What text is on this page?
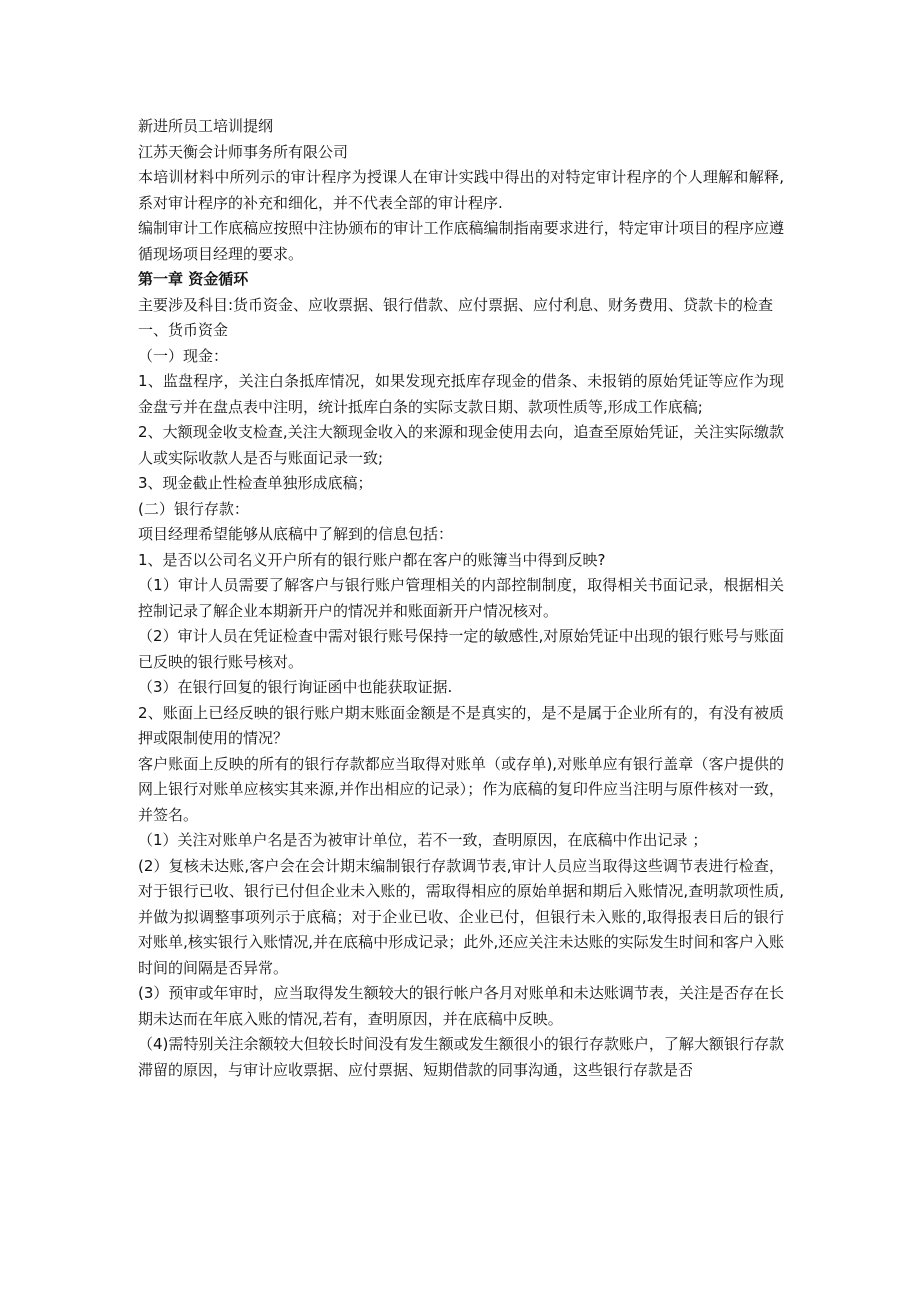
新进所员工培训提纲

江苏天衡会计师事务所有限公司

本培训材料中所列示的审计程序为授课人在审计实践中得出的对特定审计程序的个人理解和解释,系对审计程序的补充和细化，并不代表全部的审计程序.

编制审计工作底稿应按照中注协颁布的审计工作底稿编制指南要求进行，特定审计项目的程序应遵循现场项目经理的要求。

第一章 资金循环

主要涉及科目:货币资金、应收票据、银行借款、应付票据、应付利息、财务费用、贷款卡的检查

一、货币资金

（一）现金：

1、监盘程序，关注白条抵库情况，如果发现充抵库存现金的借条、未报销的原始凭证等应作为现金盘亏并在盘点表中注明，统计抵库白条的实际支款日期、款项性质等,形成工作底稿;

2、大额现金收支检查,关注大额现金收入的来源和现金使用去向，追查至原始凭证，关注实际缴款人或实际收款人是否与账面记录一致;

3、现金截止性检查单独形成底稿；

(二）银行存款：

项目经理希望能够从底稿中了解到的信息包括：

1、是否以公司名义开户所有的银行账户都在客户的账簿当中得到反映?

（1）审计人员需要了解客户与银行账户管理相关的内部控制制度，取得相关书面记录，根据相关控制记录了解企业本期新开户的情况并和账面新开户情况核对。

（2）审计人员在凭证检查中需对银行账号保持一定的敏感性,对原始凭证中出现的银行账号与账面已反映的银行账号核对。

（3）在银行回复的银行询证函中也能获取证据.

2、账面上已经反映的银行账户期末账面金额是不是真实的，是不是属于企业所有的，有没有被质押或限制使用的情况？

客户账面上反映的所有的银行存款都应当取得对账单（或存单),对账单应有银行盖章（客户提供的网上银行对账单应核实其来源,并作出相应的记录）；作为底稿的复印件应当注明与原件核对一致，并签名。

（1）关注对账单户名是否为被审计单位，若不一致，查明原因，在底稿中作出记录 ；

(2）复核未达账,客户会在会计期末编制银行存款调节表,审计人员应当取得这些调节表进行检查，对于银行已收、银行已付但企业未入账的，需取得相应的原始单据和期后入账情况,查明款项性质,并做为拟调整事项列示于底稿；对于企业已收、企业已付，但银行未入账的,取得报表日后的银行对账单,核实银行入账情况,并在底稿中形成记录；此外,还应关注未达账的实际发生时间和客户入账时间的间隔是否异常。

(3）预审或年审时，应当取得发生额较大的银行帐户各月对账单和未达账调节表，关注是否存在长期未达而在年底入账的情况,若有，查明原因，并在底稿中反映。

（4)需特别关注余额较大但较长时间没有发生额或发生额很小的银行存款账户，了解大额银行存款滞留的原因，与审计应收票据、应付票据、短期借款的同事沟通，这些银行存款是否
